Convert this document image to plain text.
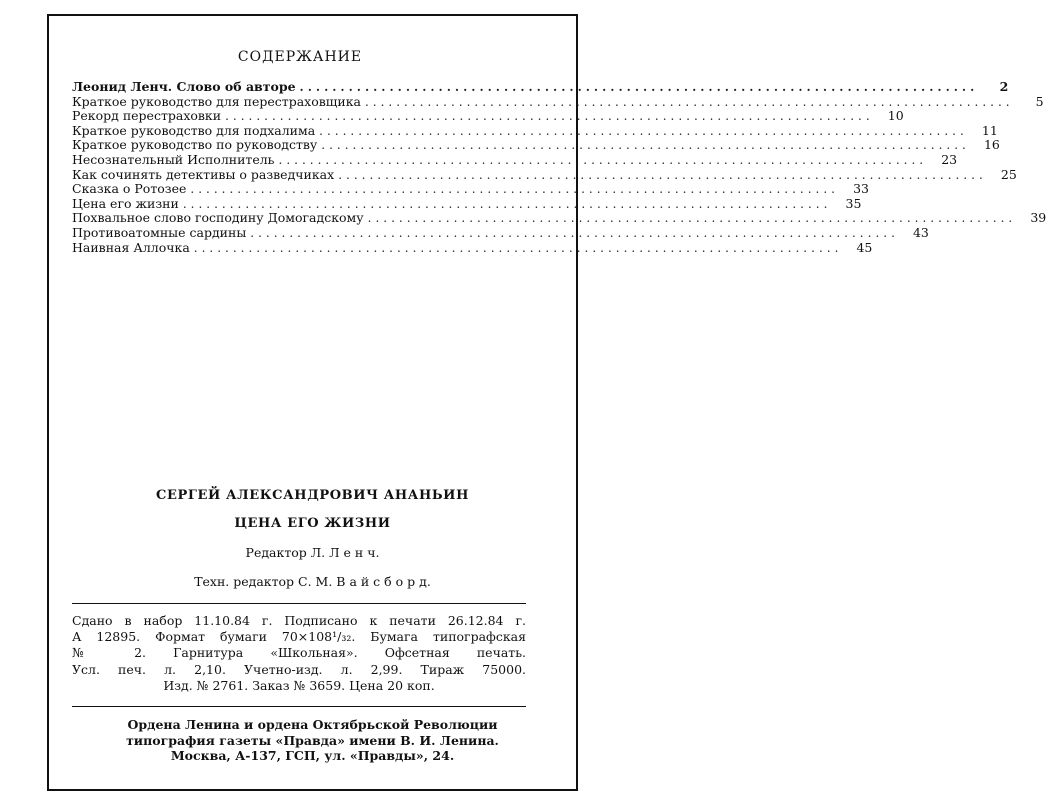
СОДЕРЖАНИЕ
Леонид Ленч. Слово об авторе ...................................................................................	2
Краткое руководство для перестраховщика ...................................................................................	5
Рекорд перестраховки ...................................................................................	10
Краткое руководство для подхалима ...................................................................................	11
Краткое руководство по руководству ...................................................................................	16
Несознательный Исполнитель ...................................................................................	23
Как сочинять детективы о разведчиках ...................................................................................	25
Сказка о Ротозее ...................................................................................	33
Цена его жизни ...................................................................................	35
Похвальное слово господину Домогадскому ...................................................................................	39
Противоатомные сардины ...................................................................................	43
Наивная Аллочка ...................................................................................	45
СЕРГЕЙ АЛЕКСАНДРОВИЧ АНАНЬИН
ЦЕНА ЕГО ЖИЗНИ
Редактор Л. Л е н ч.
Техн. редактор С. М. В а й с б о р д.
Сдано в набор 11.10.84 г. Подписано к печати 26.12.84 г.
А 12895. Формат бумаги 70×108¹/₃₂. Бумага типографская
№ 2. Гарнитура «Школьная». Офсетная печать.
Усл. печ. л. 2,10. Учетно-изд. л. 2,99. Тираж 75000.
Изд. № 2761. Заказ № 3659. Цена 20 коп.
Ордена Ленина и ордена Октябрьской Революции
типография газеты «Правда» имени В. И. Ленина.
Москва, А-137, ГСП, ул. «Правды», 24.
